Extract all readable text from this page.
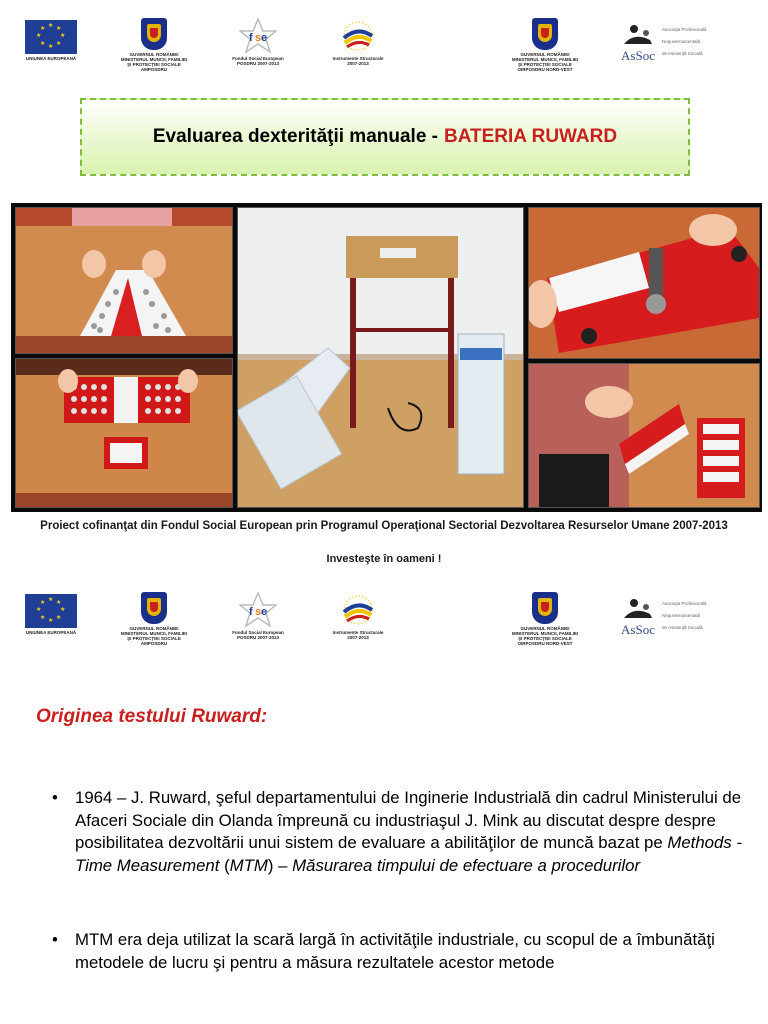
★ ★
★
★
★
★
★
★
UNIUNEA EUROPEANĂ
GUVERNUL ROMÂNIEI
MINISTERUL MUNCII, FAMILIEI
ŞI PROTECŢIEI SOCIALE
AMPOSDRU
f s e
Fondul Social European
POSDRU 2007-2013
Instrumente Structurale
2007-2013
GUVERNUL ROMÂNIEI
MINISTERUL MUNCII, FAMILIEI
ŞI PROTECŢIEI SOCIALE
OIRPOSDRU NORD-VEST
AsSoc
Asociaţia Profesională
Neguvernamentală
de Asistenţă Socială
Evaluarea dexterităţii manuale - BATERIA RUWARD
Proiect cofinanţat din Fondul Social European prin Programul Operaţional Sectorial Dezvoltarea Resurselor Umane 2007-2013
Investeşte în oameni !
★ ★
★
★
★
★
★
★
UNIUNEA EUROPEANĂ
GUVERNUL ROMÂNIEI
MINISTERUL MUNCII, FAMILIEI
ŞI PROTECŢIEI SOCIALE
AMPOSDRU
f s e
Fondul Social European
POSDRU 2007-2013
Instrumente Structurale
2007-2013
GUVERNUL ROMÂNIEI
MINISTERUL MUNCII, FAMILIEI
ŞI PROTECŢIEI SOCIALE
OIRPOSDRU NORD-VEST
AsSoc
Asociaţia Profesională
Neguvernamentală
de Asistenţă Socială
Originea testului Ruward:
• 1964 – J. Ruward, şeful departamentului de Inginerie Industrială din cadrul Ministerului de Afaceri Sociale din Olanda împreună cu industriaşul J. Mink au discutat despre despre posibilitatea dezvoltării unui sistem de evaluare a abilităţilor de muncă bazat pe Methods - Time Measurement (MTM) – Măsurarea timpului de efectuare a procedurilor
• MTM era deja utilizat la scară largă în activităţile industriale, cu scopul de a îmbunătăţi metodele de lucru şi pentru a măsura rezultatele acestor metode
